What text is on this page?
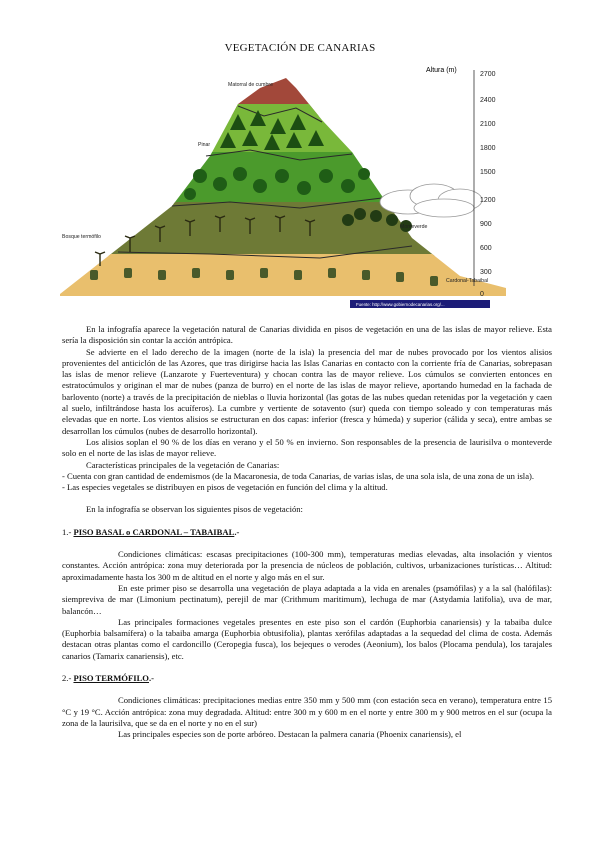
VEGETACIÓN DE CANARIAS
Altura (m)
2700
2400
2100
1800
1500
1200
900
600
300
0
Matorral de cumbre
Pinar
Monteverde
Bosque termófilo
Cardonal-Tabaibal
Fuente: http://www.gobiernodecanarias.org/...

En la infografía aparece la vegetación natural de Canarias dividida en pisos de vegetación en una de las islas de mayor relieve. Esta sería la disposición sin contar la acción antrópica.

Se advierte en el lado derecho de la imagen (norte de la isla) la presencia del mar de nubes provocado por los vientos alisios provenientes del anticiclón de las Azores, que tras dirigirse hacia las Islas Canarias en contacto con la corriente fría de Canarias, sobrepasan las islas de menor relieve (Lanzarote y Fuerteventura) y chocan contra las de mayor relieve. Los cúmulos se convierten entonces en estratocúmulos y originan el mar de nubes (panza de burro) en el norte de las islas de mayor relieve, aportando humedad en la fachada de barlovento (norte) a través de la precipitación de nieblas o lluvia horizontal (las gotas de las nubes quedan retenidas por la vegetación y caen al suelo, infiltrándose hasta los acuíferos). La cumbre y vertiente de sotavento (sur) queda con tiempo soleado y con temperaturas más elevadas que en norte. Los vientos alisios se estructuran en dos capas: inferior (fresca y húmeda) y superior (cálida y seca), entre ambas se desarrollan los cúmulos (nubes de desarrollo horizontal).

Los alisios soplan el 90 % de los días en verano y el 50 % en invierno. Son responsables de la presencia de laurisilva o monteverde solo en el norte de las islas de mayor relieve.

Características principales de la vegetación de Canarias:

- Cuenta con gran cantidad de endemismos (de la Macaronesia, de toda Canarias, de varias islas, de una sola isla, de una zona de un isla).

- Las especies vegetales se distribuyen en pisos de vegetación en función del clima y la altitud.

En la infografía se observan los siguientes pisos de vegetación:

1.- PISO BASAL o CARDONAL – TABAIBAL.-

Condiciones climáticas: escasas precipitaciones (100-300 mm), temperaturas medias elevadas, alta insolación y vientos constantes. Acción antrópica: zona muy deteriorada por la presencia de núcleos de población, cultivos, urbanizaciones turísticas… Altitud: aproximadamente hasta los 300 m de altitud en el norte y algo más en el sur.

En este primer piso se desarrolla una vegetación de playa adaptada a la vida en arenales (psamófilas) y a la sal (halófilas): siempreviva de mar (Limonium pectinatum), perejil de mar (Crithmum maritimum), lechuga de mar (Astydamia latifolia), uva de mar, balancón…

Las principales formaciones vegetales presentes en este piso son el cardón (Euphorbia canariensis) y la tabaiba dulce (Euphorbia balsamífera) o la tabaiba amarga (Euphorbia obtusifolia), plantas xerófilas adaptadas a la sequedad del clima de costa. Además destacan otras plantas como el cardoncillo (Ceropegia fusca), los bejeques o verodes (Aeonium), los balos (Plocama pendula), los tarajales canarios (Tamarix canariensis), etc.

2.- PISO TERMÓFILO.-

Condiciones climáticas: precipitaciones medias entre 350 mm y 500 mm (con estación seca en verano), temperatura entre 15 °C y 19 °C. Acción antrópica: zona muy degradada. Altitud: entre 300 m y 600 m en el norte y entre 300 m y 900 metros en el sur (ocupa la zona de la laurisilva, que se da en el norte y no en el sur)

Las principales especies son de porte arbóreo. Destacan la palmera canaria (Phoenix canariensis), el
